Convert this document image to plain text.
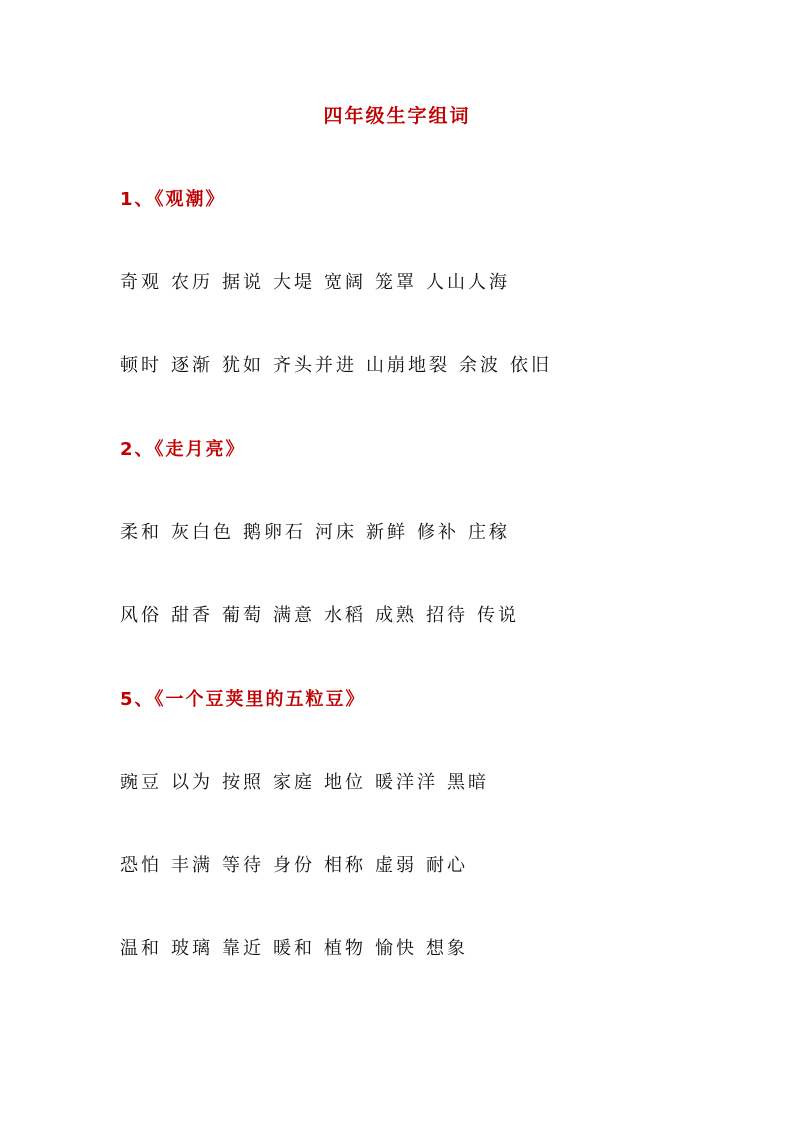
四年级生字组词
1、《观潮》
奇观 农历 据说 大堤 宽阔 笼罩 人山人海
顿时 逐渐 犹如 齐头并进 山崩地裂 余波 依旧
2、《走月亮》
柔和 灰白色 鹅卵石 河床 新鲜 修补 庄稼
风俗 甜香 葡萄 满意 水稻 成熟 招待 传说
5、《一个豆荚里的五粒豆》
豌豆 以为 按照 家庭 地位 暖洋洋 黑暗
恐怕 丰满 等待 身份 相称 虚弱 耐心
温和 玻璃 靠近 暖和 植物 愉快 想象
